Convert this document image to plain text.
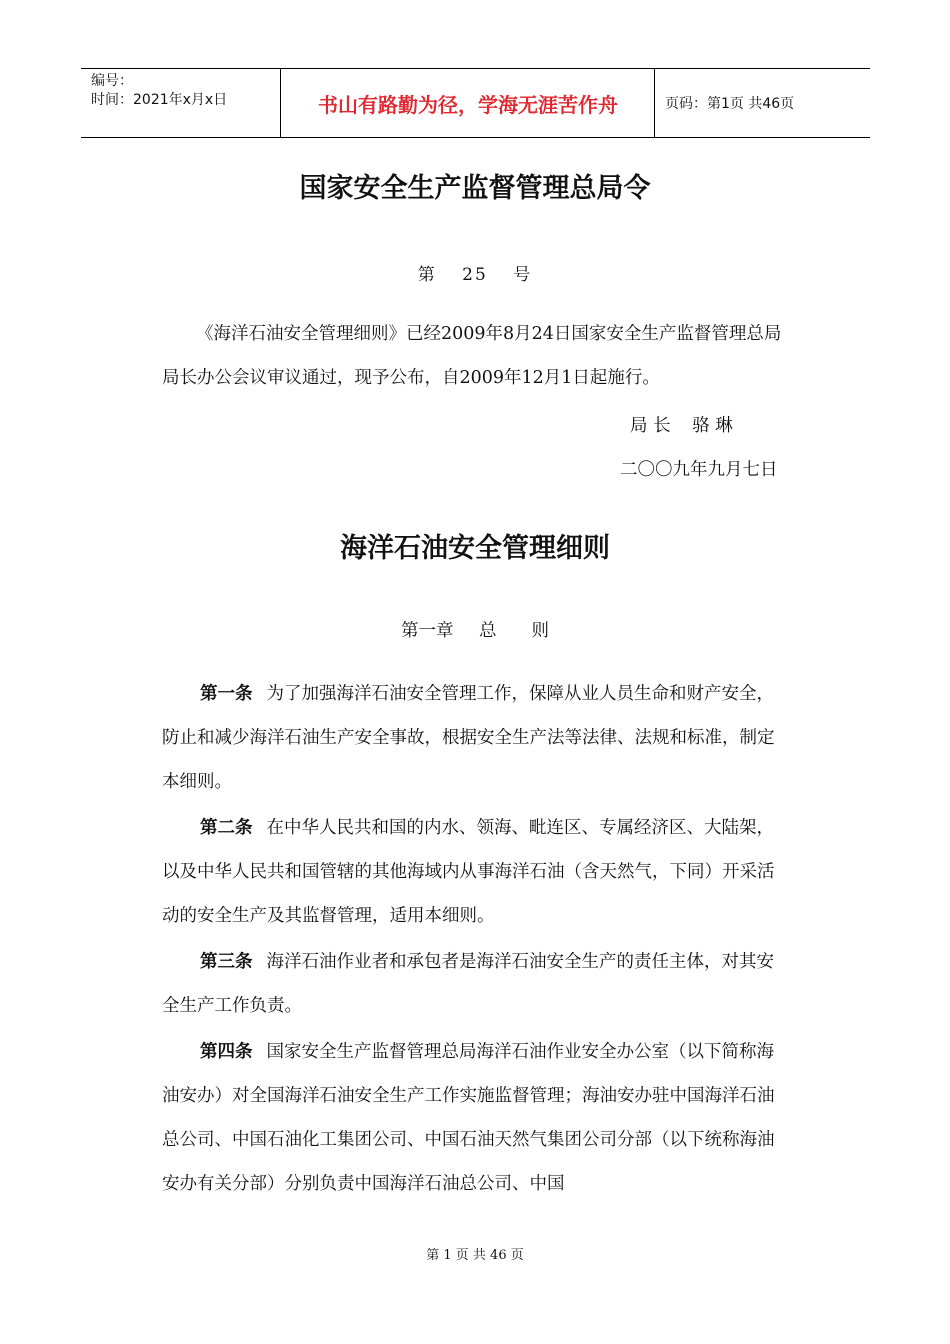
编号：
时间：2021年x月x日	书山有路勤为径，学海无涯苦作舟	页码：第1页 共46页
国家安全生产监督管理总局令
第 25 号

《海洋石油安全管理细则》已经2009年8月24日国家安全生产监督管理总局局长办公会议审议通过，现予公布，自2009年12月1日起施行。

局 长 骆 琳
二〇〇九年九月七日
海洋石油安全管理细则
第一章 总　　则

第一条 为了加强海洋石油安全管理工作，保障从业人员生命和财产安全，防止和减少海洋石油生产安全事故，根据安全生产法等法律、法规和标准，制定本细则。

第二条 在中华人民共和国的内水、领海、毗连区、专属经济区、大陆架，以及中华人民共和国管辖的其他海域内从事海洋石油（含天然气，下同）开采活动的安全生产及其监督管理，适用本细则。

第三条 海洋石油作业者和承包者是海洋石油安全生产的责任主体，对其安全生产工作负责。

第四条 国家安全生产监督管理总局海洋石油作业安全办公室（以下简称海油安办）对全国海洋石油安全生产工作实施监督管理；海油安办驻中国海洋石油总公司、中国石油化工集团公司、中国石油天然气集团公司分部（以下统称海油安办有关分部）分别负责中国海洋石油总公司、中国

第 1 页 共 46 页
